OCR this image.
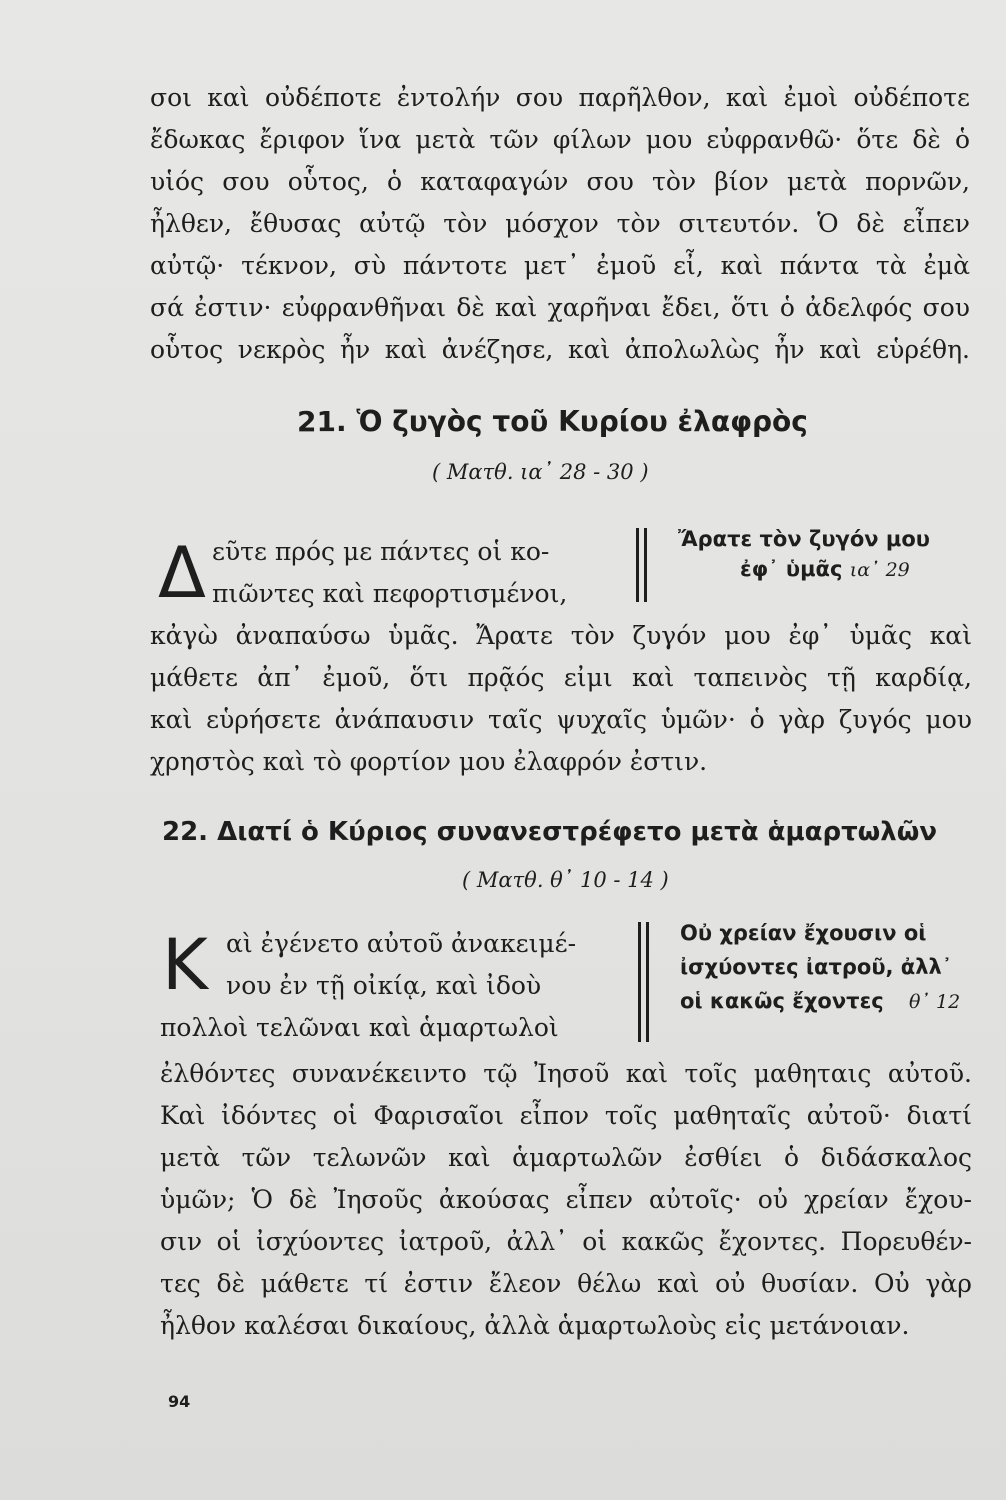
σοι καὶ οὐδέποτε ἐντολήν σου παρῆλθον, καὶ ἐμοὶ οὐδέποτε
ἔδωκας ἔριφον ἵνα μετὰ τῶν φίλων μου εὐφρανθῶ· ὅτε δὲ ὁ
υἱός σου οὗτος, ὁ καταφαγών σου τὸν βίον μετὰ πορνῶν,
ἦλθεν, ἔθυσας αὐτῷ τὸν μόσχον τὸν σιτευτόν. Ὁ δὲ εἶπεν
αὐτῷ· τέκνον, σὺ πάντοτε μετ᾽ ἐμοῦ εἶ, καὶ πάντα τὰ ἐμὰ
σά ἐστιν· εὐφρανθῆναι δὲ καὶ χαρῆναι ἔδει, ὅτι ὁ ἀδελφός σου
οὗτος νεκρὸς ἦν καὶ ἀνέζησε, καὶ ἀπολωλὼς ἦν καὶ εὑρέθη.
21. Ὁ ζυγὸς τοῦ Κυρίου ἐλαφρὸς
( Ματθ. ια᾽ 28 - 30 )
Δ εῦτε πρός με πάντες οἱ κο-
πιῶντες καὶ πεφορτισμένοι,
Ἄρατε τὸν ζυγόν μου
ἐφ᾽ ὑμᾶς ια᾽ 29
κἀγὼ ἀναπαύσω ὑμᾶς. Ἄρατε τὸν ζυγόν μου ἐφ᾽ ὑμᾶς καὶ
μάθετε ἀπ᾽ ἐμοῦ, ὅτι πρᾷός εἰμι καὶ ταπεινὸς τῇ καρδίᾳ,
καὶ εὑρήσετε ἀνάπαυσιν ταῖς ψυχαῖς ὑμῶν· ὁ γὰρ ζυγός μου
χρηστὸς καὶ τὸ φορτίον μου ἐλαφρόν ἐστιν.
22. Διατί ὁ Κύριος συνανεστρέφετο μετὰ ἁμαρτωλῶν
( Ματθ. θ᾽ 10 - 14 )
Κ αὶ ἐγένετο αὐτοῦ ἀνακειμέ-
νου ἐν τῇ οἰκίᾳ, καὶ ἰδοὺ
πολλοὶ τελῶναι καὶ ἁμαρτωλοὶ
Οὐ χρείαν ἔχουσιν οἱ
ἰσχύοντες ἰατροῦ, ἀλλ᾽
οἱ κακῶς ἔχοντες θ᾽ 12
ἐλθόντες συνανέκειντο τῷ Ἰησοῦ καὶ τοῖς μαθηταις αὐτοῦ.
Καὶ ἰδόντες οἱ Φαρισαῖοι εἶπον τοῖς μαθηταῖς αὐτοῦ· διατί
μετὰ τῶν τελωνῶν καὶ ἁμαρτωλῶν ἐσθίει ὁ διδάσκαλος
ὑμῶν; Ὁ δὲ Ἰησοῦς ἀκούσας εἶπεν αὐτοῖς· οὐ χρείαν ἔχου-
σιν οἱ ἰσχύοντες ἰατροῦ, ἀλλ᾽ οἱ κακῶς ἔχοντες. Πορευθέν-
τες δὲ μάθετε τί ἐστιν ἔλεον θέλω καὶ οὐ θυσίαν. Οὐ γὰρ
ἦλθον καλέσαι δικαίους, ἀλλὰ ἁμαρτωλοὺς εἰς μετάνοιαν.
94
